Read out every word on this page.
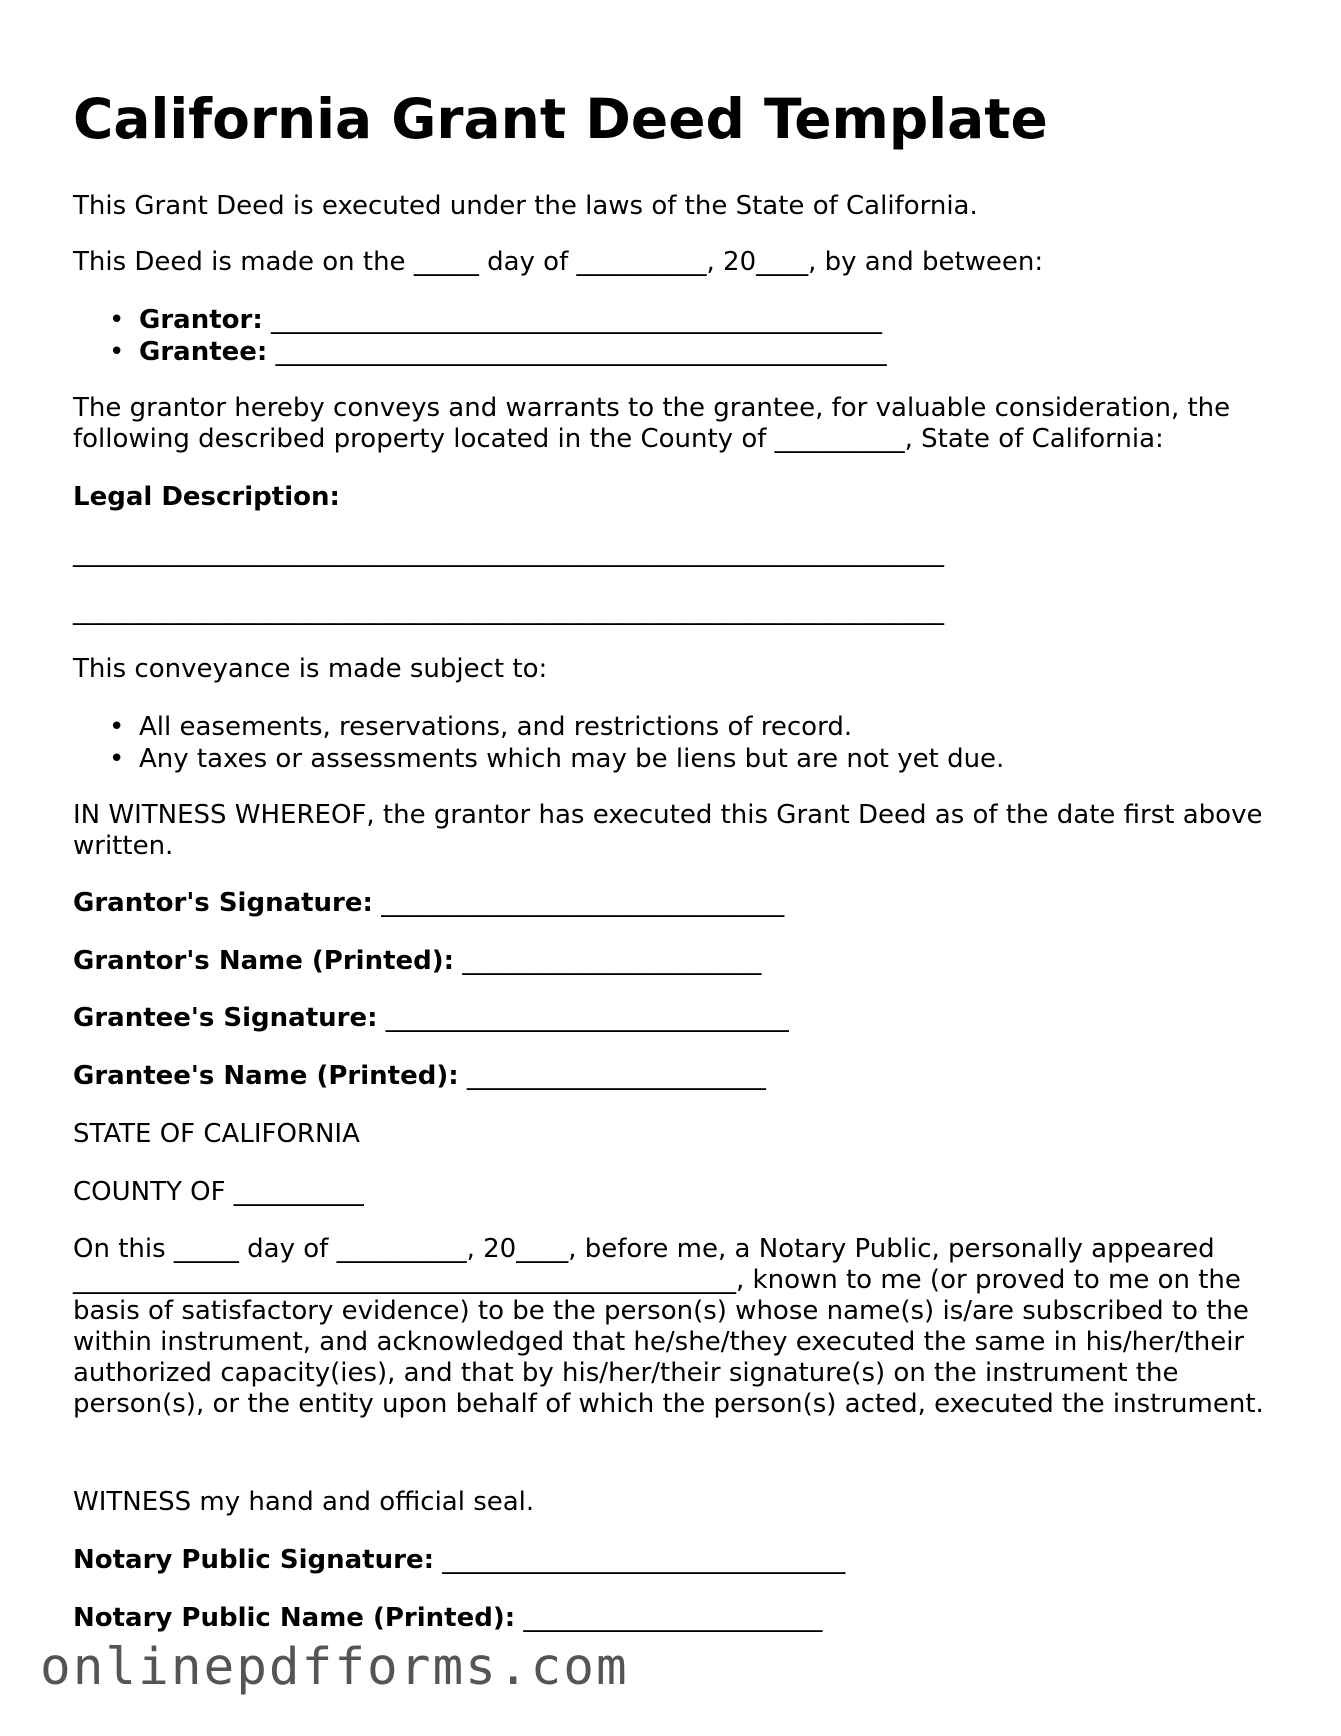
California Grant Deed Template
This Grant Deed is executed under the laws of the State of California.
This Deed is made on the _____ day of __________, 20____, by and between:
• Grantor: _______________________________________________
• Grantee: _______________________________________________
The grantor hereby conveys and warrants to the grantee, for valuable consideration, the following described property located in the County of __________, State of California:
Legal Description:
___________________________________________________________________
___________________________________________________________________
This conveyance is made subject to:
• All easements, reservations, and restrictions of record.
• Any taxes or assessments which may be liens but are not yet due.
IN WITNESS WHEREOF, the grantor has executed this Grant Deed as of the date first above written.
Grantor's Signature: _______________________________
Grantor's Name (Printed): _______________________
Grantee's Signature: _______________________________
Grantee's Name (Printed): _______________________
STATE OF CALIFORNIA
COUNTY OF __________
On this _____ day of __________, 20____, before me, a Notary Public, personally appeared ___________________________________________________, known to me (or proved to me on the basis of satisfactory evidence) to be the person(s) whose name(s) is/are subscribed to the within instrument, and acknowledged that he/she/they executed the same in his/her/their authorized capacity(ies), and that by his/her/their signature(s) on the instrument the person(s), or the entity upon behalf of which the person(s) acted, executed the instrument.
WITNESS my hand and official seal.
Notary Public Signature: _______________________________
Notary Public Name (Printed): _______________________
onlinepdfforms.com
